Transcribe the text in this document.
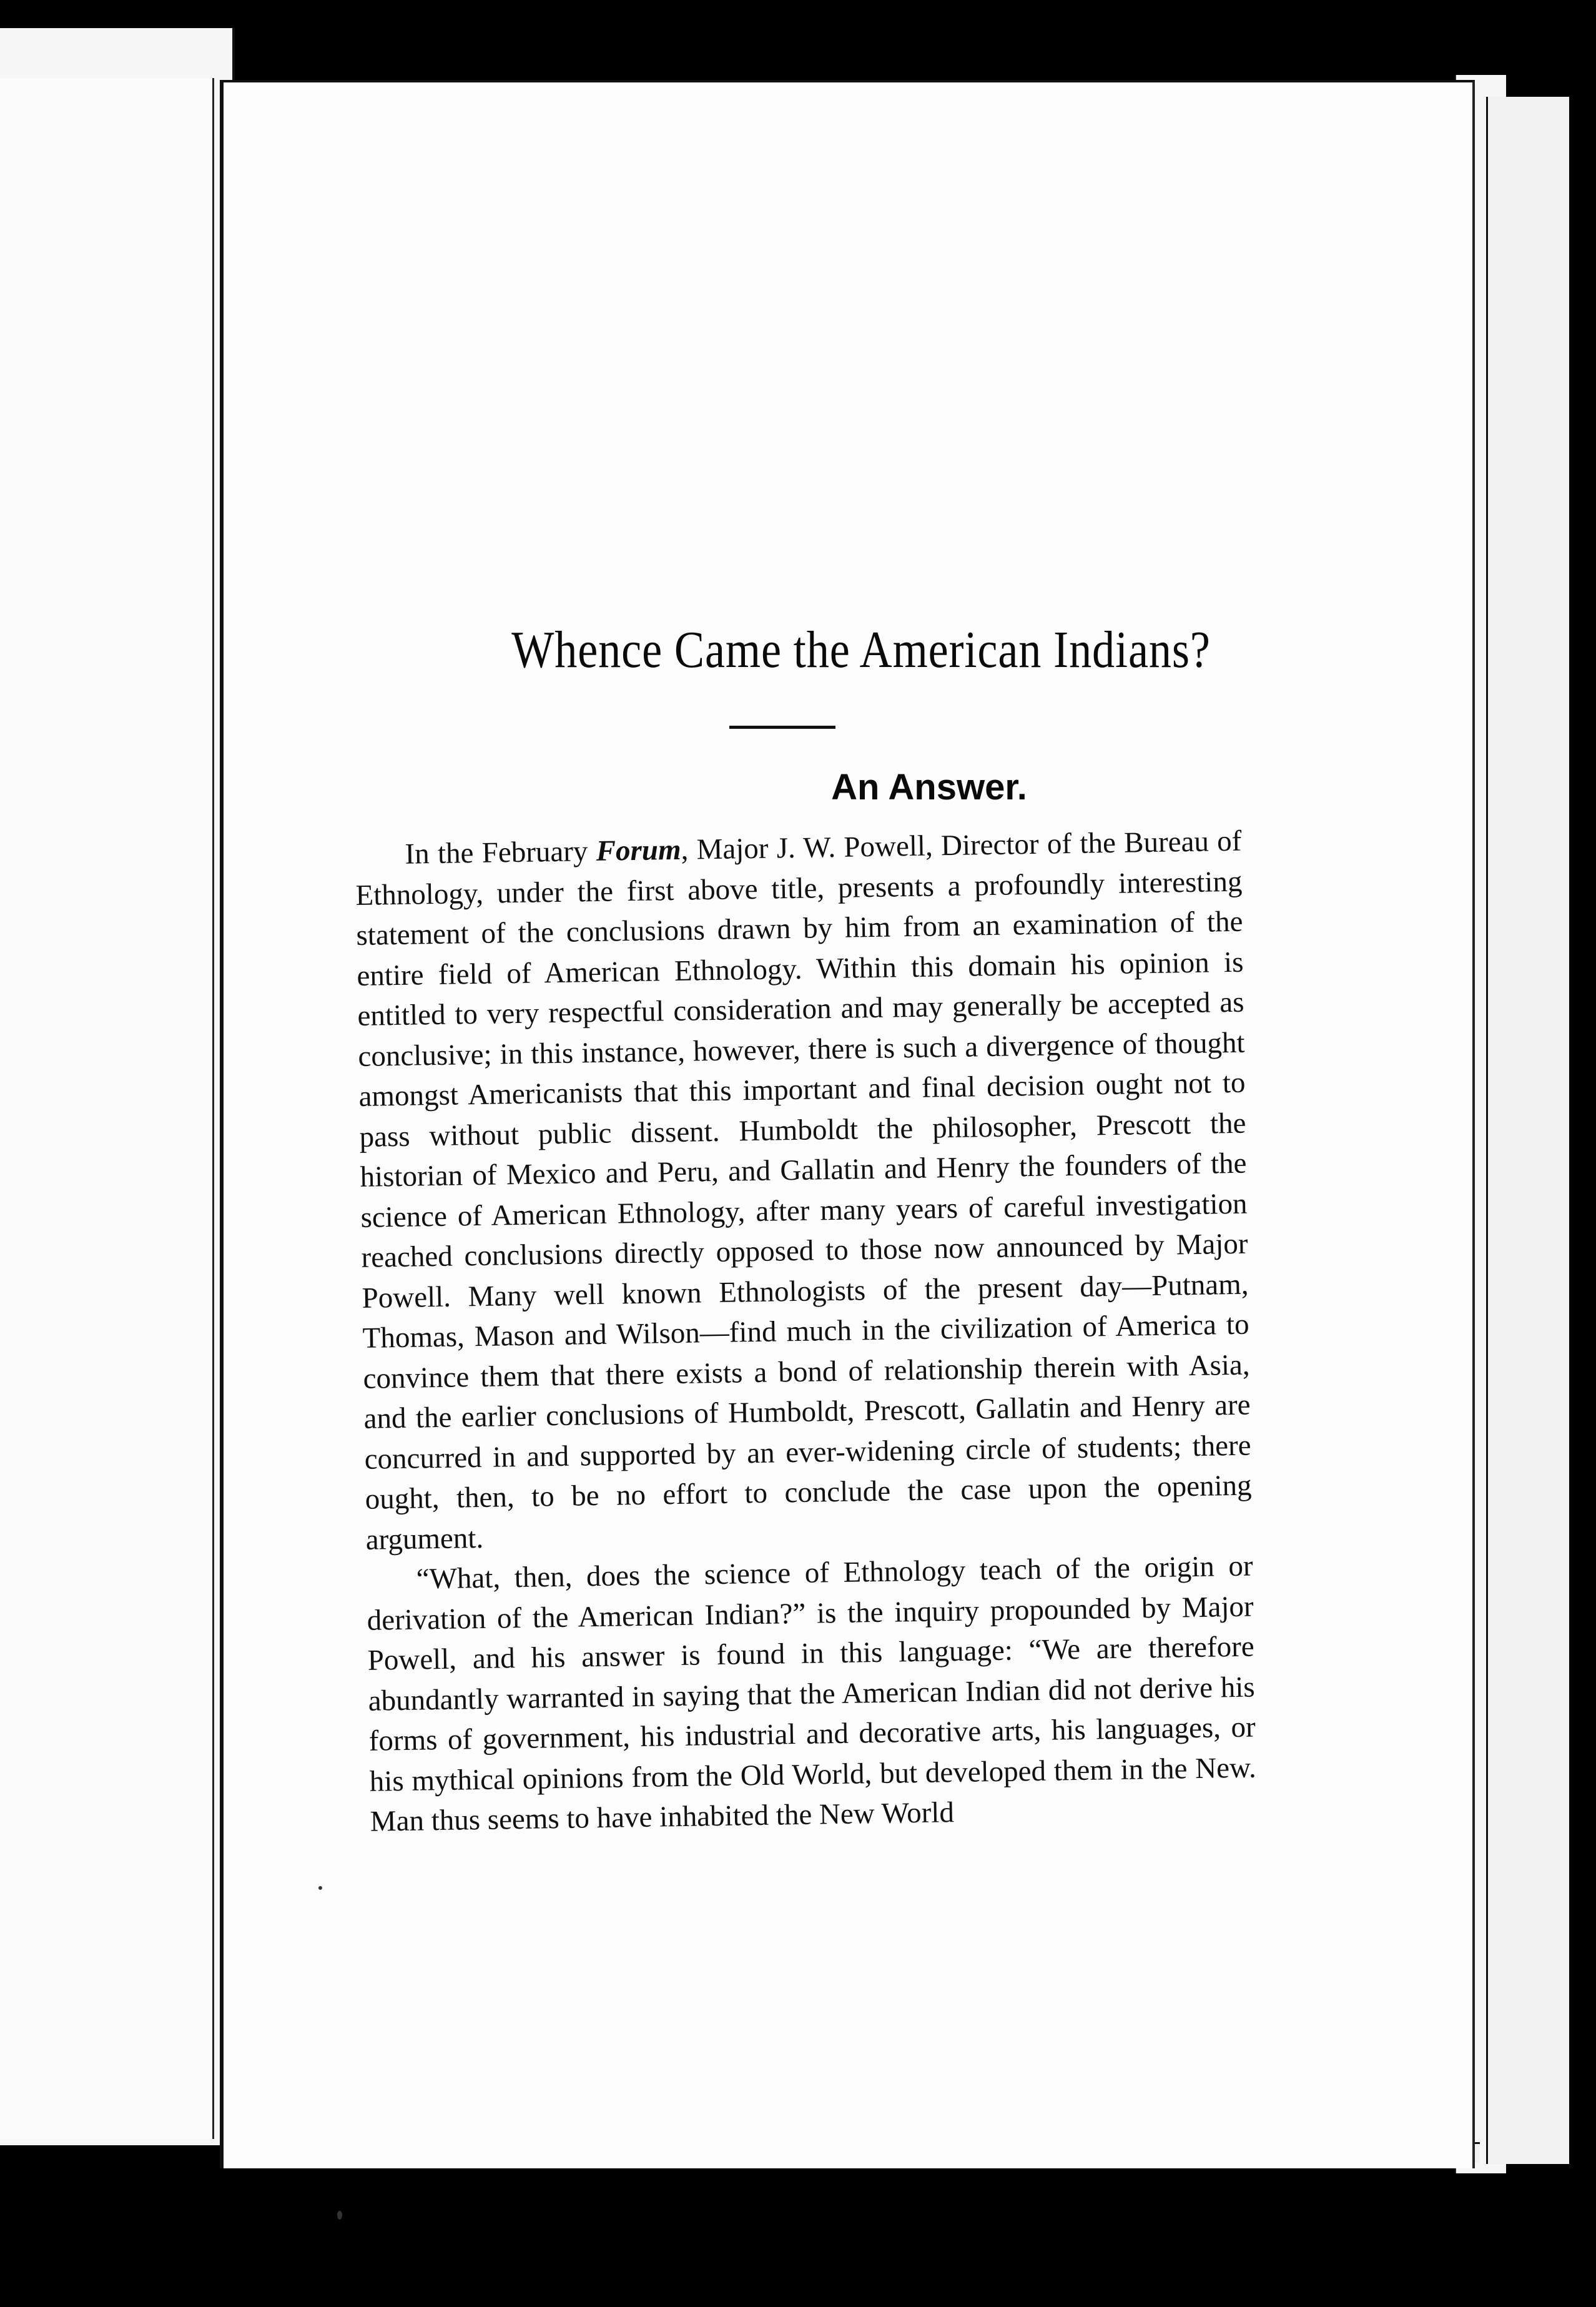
Whence Came the American Indians?
An Answer.

In the February Forum, Major J. W. Powell, Director of the Bureau of Ethnology, under the first above title, presents a profoundly interesting statement of the conclusions drawn by him from an examination of the entire field of American Ethnology. Within this domain his opinion is entitled to very respectful consideration and may generally be accepted as conclusive; in this instance, however, there is such a divergence of thought amongst Americanists that this important and final decision ought not to pass without public dissent. Humboldt the philosopher, Prescott the historian of Mexico and Peru, and Gallatin and Henry the founders of the science of American Ethnology, after many years of careful investigation reached conclusions directly opposed to those now announced by Major Powell. Many well known Ethnologists of the present day—Putnam, Thomas, Mason and Wilson—find much in the civilization of America to convince them that there exists a bond of relationship therein with Asia, and the earlier conclusions of Humboldt, Prescott, Gallatin and Henry are concurred in and supported by an ever-widening circle of students; there ought, then, to be no effort to conclude the case upon the opening argument.

“What, then, does the science of Ethnology teach of the origin or derivation of the American Indian?” is the inquiry propounded by Major Powell, and his answer is found in this language: “We are therefore abundantly warranted in saying that the American Indian did not derive his forms of government, his industrial and decorative arts, his languages, or his mythical opinions from the Old World, but developed them in the New. Man thus seems to have inhabited the New World
